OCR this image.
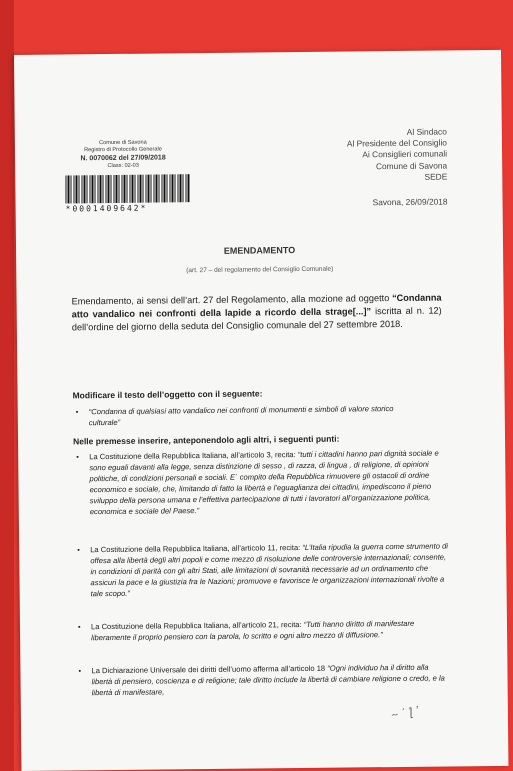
Comune di Savona
Registro di Protocollo Generale
N. 0070062 del 27/09/2018
Class: 02-03
*0001409642*
Al Sindaco
Al Presidente del Consiglio
Ai Consiglieri comunali
Comune di Savona
SEDE
Savona, 26/09/2018
EMENDAMENTO
(art. 27 – del regolamento del Consiglio Comunale)
Emendamento, ai sensi dell’art. 27 del Regolamento, alla mozione ad oggetto “Condanna atto vandalico nei confronti della lapide a ricordo della strage[...]” iscritta al n. 12) dell’ordine del giorno della seduta del Consiglio comunale del 27 settembre 2018.
Modificare il testo dell’oggetto con il seguente:
• “Condanna di qualsiasi atto vandalico nei confronti di monumenti e simboli di valore storico culturale”
Nelle premesse inserire, anteponendolo agli altri, i seguenti punti:
• La Costituzione della Repubblica Italiana, all’articolo 3, recita: “tutti i cittadini hanno pari dignità sociale e sono eguali davanti alla legge, senza distinzione di sesso , di razza, di lingua , di religione, di opinioni politiche, di condizioni personali e sociali. E` compito della Repubblica rimuovere gli ostacoli di ordine economico e sociale, che, limitando di fatto la libertà e l’eguaglianza dei cittadini, impediscono il pieno sviluppo della persona umana e l’effettiva partecipazione di tutti i lavoratori all’organizzazione politica, economica e sociale del Paese.”
• La Costituzione della Repubblica Italiana, all’articolo 11, recita: “L’Italia ripudia la guerra come strumento di offesa alla libertà degli altri popoli e come mezzo di risoluzione delle controversie internazionali; consente, in condizioni di parità con gli altri Stati, alle limitazioni di sovranità necessarie ad un ordinamento che assicuri la pace e la giustizia fra le Nazioni; promuove e favorisce le organizzazioni internazionali rivolte a tale scopo.”
• La Costituzione della Repubblica Italiana, all’articolo 21, recita: “Tutti hanno diritto di manifestare liberamente il proprio pensiero con la parola, lo scritto e ogni altro mezzo di diffusione.”
• La Dichiarazione Universale dei diritti dell’uomo afferma all’articolo 18 “Ogni individuo ha il diritto alla libertà di pensiero, coscienza e di religione; tale diritto include la libertà di cambiare religione o credo, e la libertà di manifestare,
~ ˊ ƪ ʼ
